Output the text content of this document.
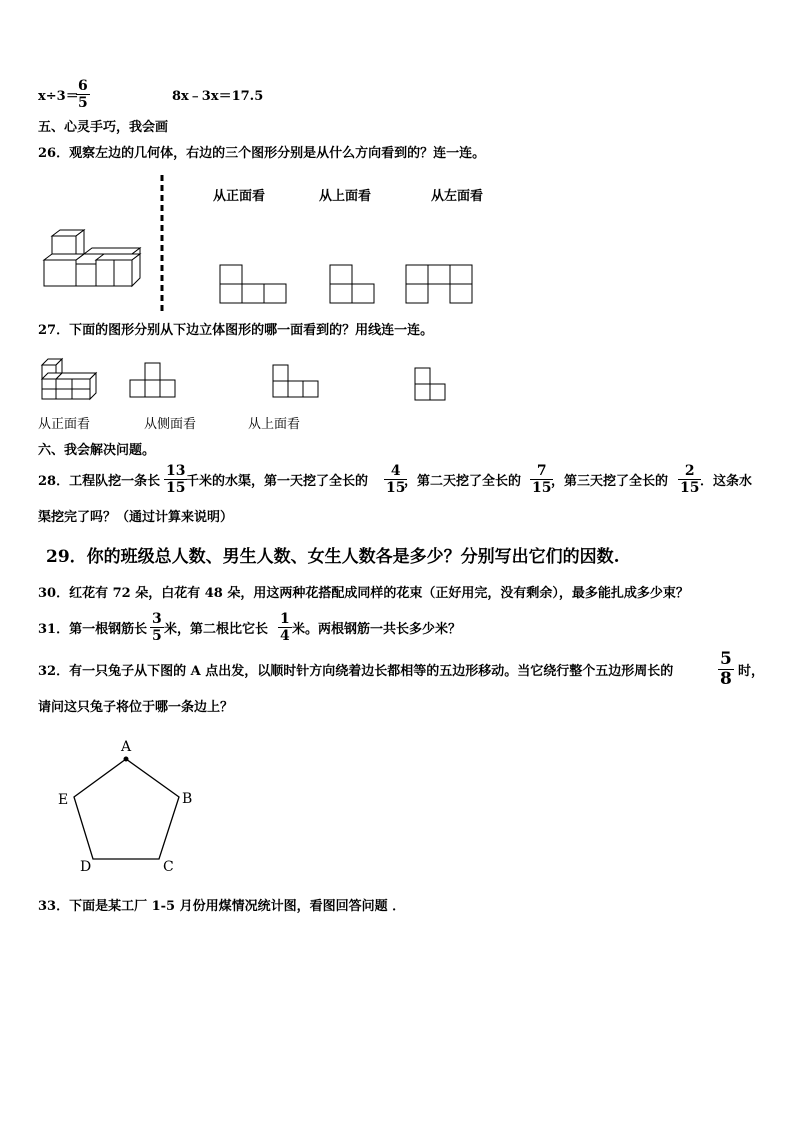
x÷3＝
$\frac{6}{5}$	8x﹣3x＝17.5
五、心灵手巧，我会画
26．观察左边的几何体，右边的三个图形分别是从什么方向看到的？连一连。
从正面看	从上面看	从左面看
27．下面的图形分别从下边立体图形的哪一面看到的？用线连一连。
从正面看	从侧面看	从上面看
六、我会解决问题。
28．工程队挖一条长 $\frac{13}{15}$
千米的水渠，第一天挖了全长的 $\frac{4}{15}$
，第二天挖了全长的 $\frac{7}{15}$
，第三天挖了全长的 $\frac{2}{15}$
．这条水
渠挖完了吗？（通过计算来说明）
29．你的班级总人数、男生人数、女生人数各是多少？分别写出它们的因数.
30．红花有 72 朵，白花有 48 朵，用这两种花搭配成同样的花束（正好用完，没有剩余），最多能扎成多少束？
31．第一根钢筋长 $\frac{3}{5}$ 米，第二根比它长 $\frac{1}{4}$ 米。两根钢筋一共长多少米？
32．有一只兔子从下图的 A 点出发，以顺时针方向绕着边长都相等的五边形移动。当它绕行整个五边形周长的	$\frac{5}{8}$ 时，
请问这只兔子将位于哪一条边上？
A
B
C
D
E
33．下面是某工厂 1-5 月份用煤情况统计图，看图回答问题 ．
